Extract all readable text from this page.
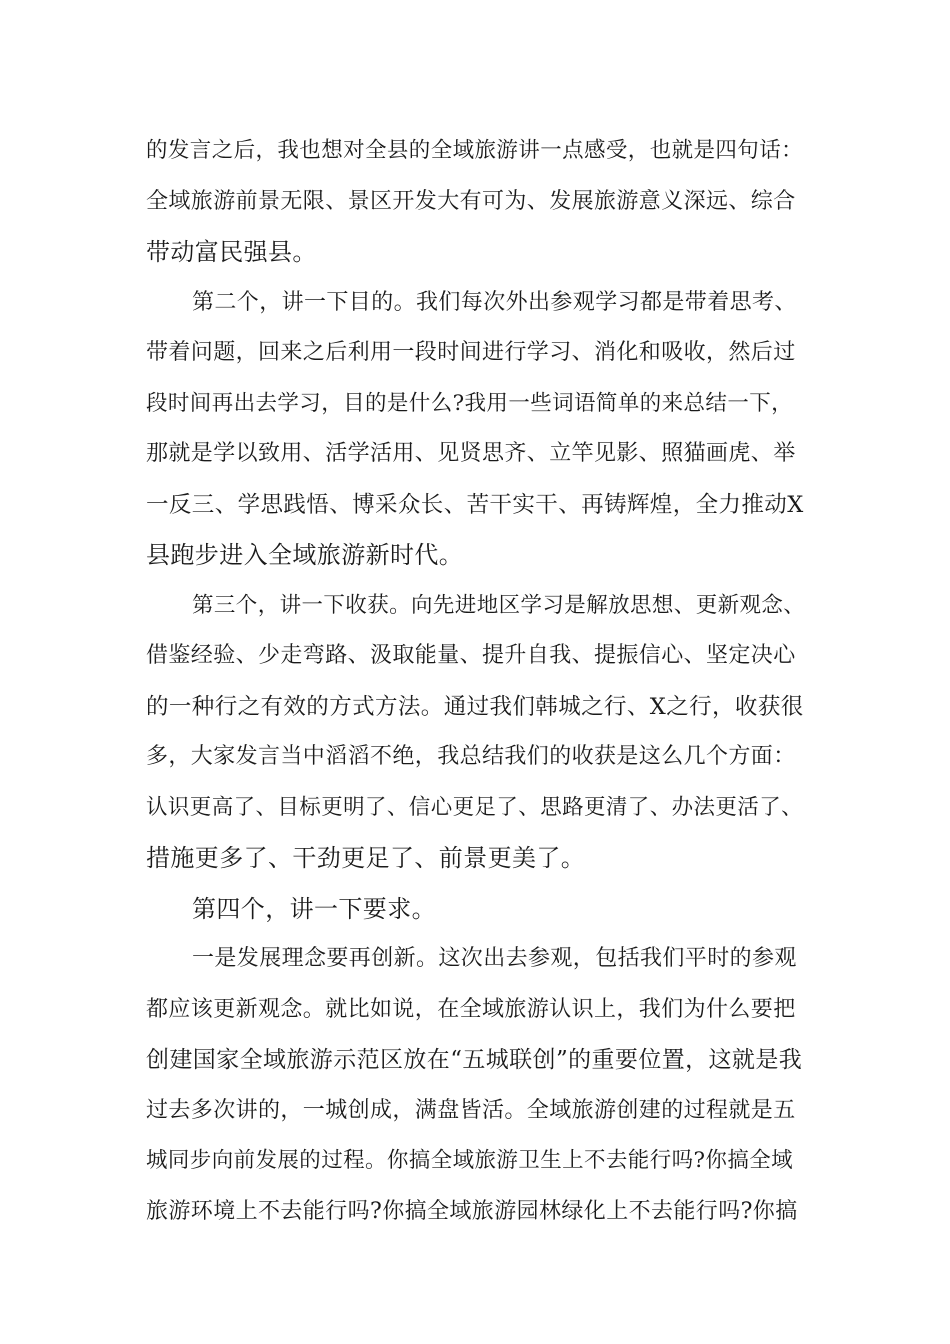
的发言之后，我也想对全县的全域旅游讲一点感受，也就是四句话：
全域旅游前景无限、景区开发大有可为、发展旅游意义深远、综合
带动富民强县。
第二个，讲一下目的。我们每次外出参观学习都是带着思考、
带着问题，回来之后利用一段时间进行学习、消化和吸收，然后过
段时间再出去学习，目的是什么?我用一些词语简单的来总结一下，
那就是学以致用、活学活用、见贤思齐、立竿见影、照猫画虎、举
一反三、学思践悟、博采众长、苦干实干、再铸辉煌，全力推动X
县跑步进入全域旅游新时代。
第三个，讲一下收获。向先进地区学习是解放思想、更新观念、
借鉴经验、少走弯路、汲取能量、提升自我、提振信心、坚定决心
的一种行之有效的方式方法。通过我们韩城之行、X之行，收获很
多，大家发言当中滔滔不绝，我总结我们的收获是这么几个方面：
认识更高了、目标更明了、信心更足了、思路更清了、办法更活了、
措施更多了、干劲更足了、前景更美了。
第四个，讲一下要求。
一是发展理念要再创新。这次出去参观，包括我们平时的参观
都应该更新观念。就比如说，在全域旅游认识上，我们为什么要把
创建国家全域旅游示范区放在“五城联创”的重要位置，这就是我
过去多次讲的，一城创成，满盘皆活。全域旅游创建的过程就是五
城同步向前发展的过程。你搞全域旅游卫生上不去能行吗?你搞全域
旅游环境上不去能行吗?你搞全域旅游园林绿化上不去能行吗?你搞
